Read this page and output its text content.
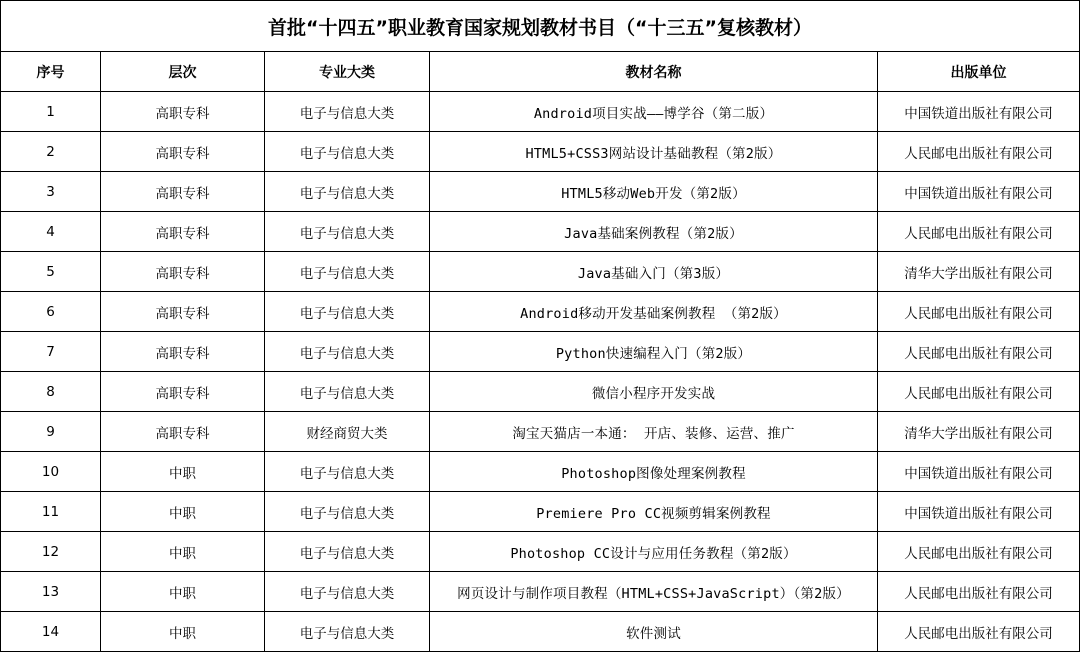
首批“十四五”职业教育国家规划教材书目（“十三五”复核教材）				
序号	层次	专业大类	教材名称	出版单位
1	高职专科	电子与信息大类	Android项目实战——博学谷（第二版）	中国铁道出版社有限公司
2	高职专科	电子与信息大类	HTML5+CSS3网站设计基础教程（第2版）	人民邮电出版社有限公司
3	高职专科	电子与信息大类	HTML5移动Web开发（第2版）	中国铁道出版社有限公司
4	高职专科	电子与信息大类	Java基础案例教程（第2版）	人民邮电出版社有限公司
5	高职专科	电子与信息大类	Java基础入门（第3版）	清华大学出版社有限公司
6	高职专科	电子与信息大类	Android移动开发基础案例教程 （第2版）	人民邮电出版社有限公司
7	高职专科	电子与信息大类	Python快速编程入门（第2版）	人民邮电出版社有限公司
8	高职专科	电子与信息大类	微信小程序开发实战	人民邮电出版社有限公司
9	高职专科	财经商贸大类	淘宝天猫店一本通： 开店、装修、运营、推广	清华大学出版社有限公司
10	中职	电子与信息大类	Photoshop图像处理案例教程	中国铁道出版社有限公司
11	中职	电子与信息大类	Premiere Pro CC视频剪辑案例教程	中国铁道出版社有限公司
12	中职	电子与信息大类	Photoshop CC设计与应用任务教程（第2版）	人民邮电出版社有限公司
13	中职	电子与信息大类	网页设计与制作项目教程（HTML+CSS+JavaScript）（第2版）	人民邮电出版社有限公司
14	中职	电子与信息大类	软件测试	人民邮电出版社有限公司
